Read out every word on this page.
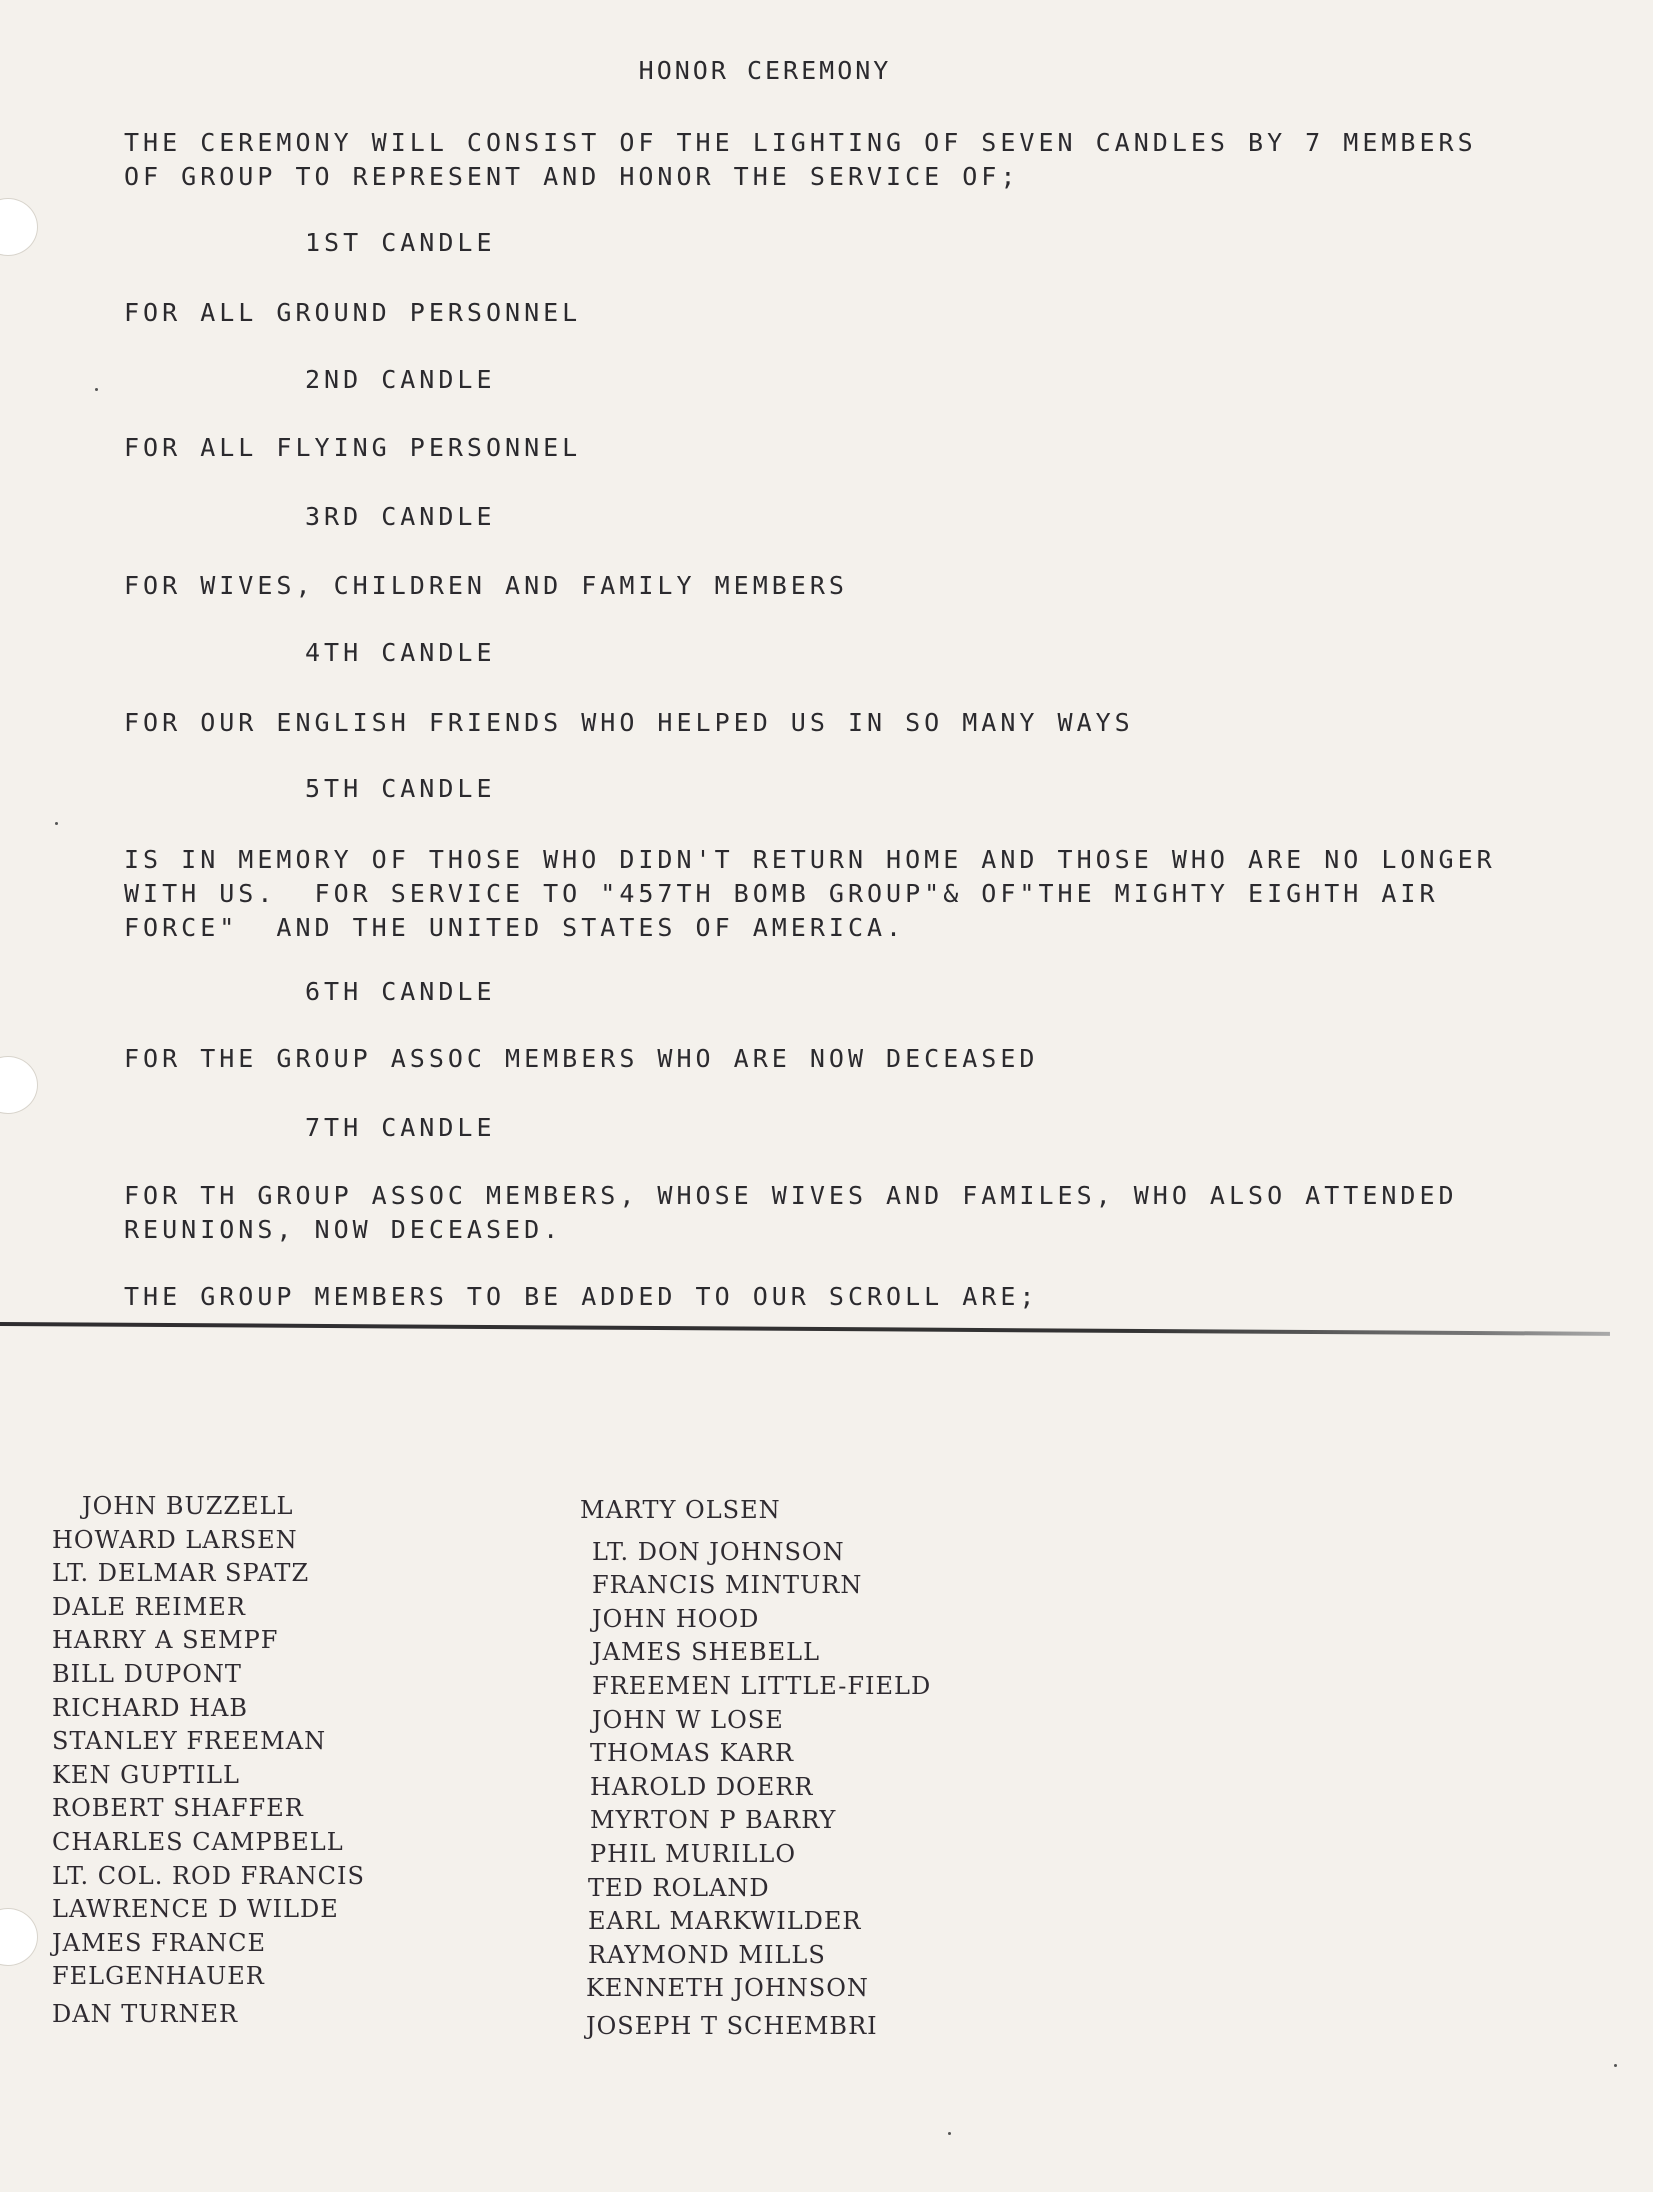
HONOR CEREMONY
THE CEREMONY WILL CONSIST OF THE LIGHTING OF SEVEN CANDLES BY 7 MEMBERS
OF GROUP TO REPRESENT AND HONOR THE SERVICE OF;
1ST CANDLE
FOR ALL GROUND PERSONNEL
2ND CANDLE
FOR ALL FLYING PERSONNEL
3RD CANDLE
FOR WIVES, CHILDREN AND FAMILY MEMBERS
4TH CANDLE
FOR OUR ENGLISH FRIENDS WHO HELPED US IN SO MANY WAYS
5TH CANDLE
IS IN MEMORY OF THOSE WHO DIDN'T RETURN HOME AND THOSE WHO ARE NO LONGER
WITH US.  FOR SERVICE TO "457TH BOMB GROUP"& OF"THE MIGHTY EIGHTH AIR
FORCE"  AND THE UNITED STATES OF AMERICA.
6TH CANDLE
FOR THE GROUP ASSOC MEMBERS WHO ARE NOW DECEASED
7TH CANDLE
FOR TH GROUP ASSOC MEMBERS, WHOSE WIVES AND FAMILES, WHO ALSO ATTENDED
REUNIONS, NOW DECEASED.
THE GROUP MEMBERS TO BE ADDED TO OUR SCROLL ARE;
JOHN BUZZELL
HOWARD LARSEN
LT. DELMAR SPATZ
DALE REIMER
HARRY A SEMPF
BILL DUPONT
RICHARD HAB
STANLEY FREEMAN
KEN GUPTILL
ROBERT SHAFFER
CHARLES CAMPBELL
LT. COL. ROD FRANCIS
LAWRENCE D WILDE
JAMES FRANCE
FELGENHAUER
DAN TURNER
MARTY OLSEN
LT. DON JOHNSON
FRANCIS MINTURN
JOHN HOOD
JAMES SHEBELL
FREEMEN LITTLE-FIELD
JOHN W LOSE
THOMAS KARR
HAROLD DOERR
MYRTON P BARRY
PHIL MURILLO
TED ROLAND
EARL MARKWILDER
RAYMOND MILLS
KENNETH JOHNSON
JOSEPH T SCHEMBRI
